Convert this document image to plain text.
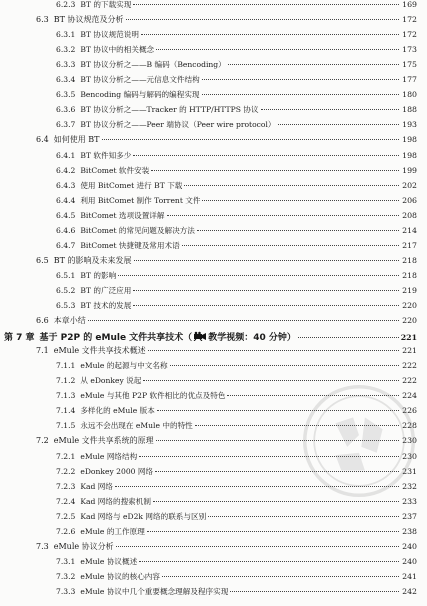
6.2.3 BT 的下载实现	169
6.3 BT 协议规范及分析	172
6.3.1 BT 协议规范说明	172
6.3.2 BT 协议中的相关概念	173
6.3.3 BT 协议分析之——B 编码（Bencoding）	175
6.3.4 BT 协议分析之——元信息文件结构	177
6.3.5 Bencoding 编码与解码的编程实现	180
6.3.6 BT 协议分析之——Tracker 的 HTTP/HTTPS 协议	188
6.3.7 BT 协议分析之——Peer 端协议（Peer wire protocol）	193
6.4 如何使用 BT	198
6.4.1 BT 软件知多少	198
6.4.2 BitComet 软件安装	199
6.4.3 使用 BitComet 进行 BT 下载	202
6.4.4 利用 BitComet 制作 Torrent 文件	206
6.4.5 BitComet 选项设置详解	208
6.4.6 BitComet 的常见问题及解决方法	214
6.4.7 BitComet 快捷键及常用术语	217
6.5 BT 的影响及未来发展	218
6.5.1 BT 的影响	218
6.5.2 BT 的广泛应用	219
6.5.3 BT 技术的发展	220
6.6 本章小结	220
第 7 章 基于 P2P 的 eMule 文件共享技术（ 教学视频：40 分钟）	221
7.1 eMule 文件共享技术概述	221
7.1.1 eMule 的起源与中文名称	222
7.1.2 从 eDonkey 说起	222
7.1.3 eMule 与其他 P2P 软件相比的优点及特色	224
7.1.4 多样化的 eMule 版本	226
7.1.5 永远不会出现在 eMule 中的特性	228
7.2 eMule 文件共享系统的原理	230
7.2.1 eMule 网络结构	230
7.2.2 eDonkey 2000 网络	231
7.2.3 Kad 网络	232
7.2.4 Kad 网络的搜索机制	233
7.2.5 Kad 网络与 eD2k 网络的联系与区别	237
7.2.6 eMule 的工作原理	238
7.3 eMule 协议分析	240
7.3.1 eMule 协议概述	240
7.3.2 eMule 协议的核心内容	241
7.3.3 eMule 协议中几个重要概念理解及程序实现	242
